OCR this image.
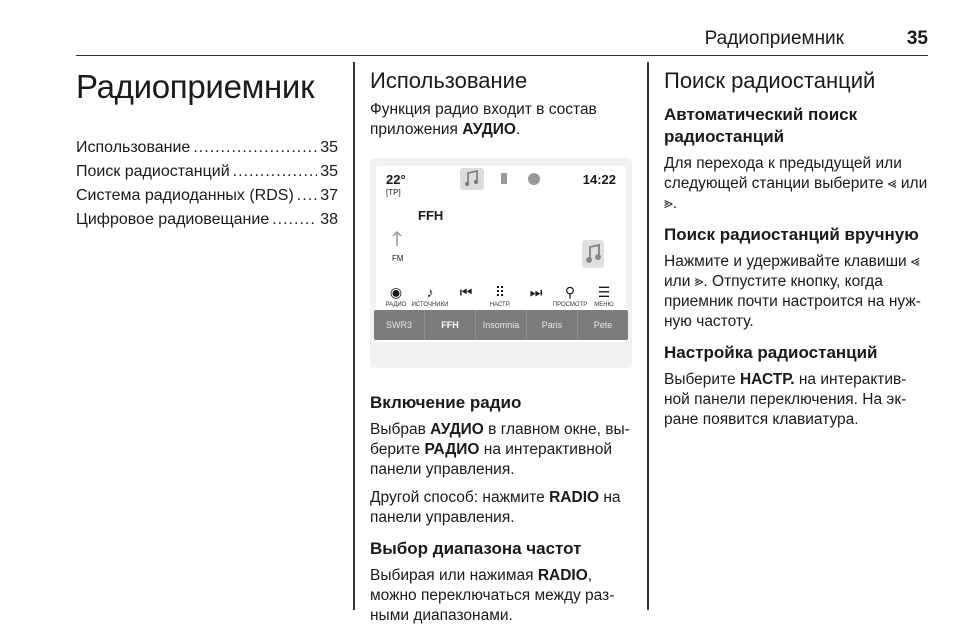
Радиоприемник	35
Радиоприемник
Использование .....	35
Поиск радиостанций .....	35
Система радиоданных (RDS) ..... 37
Цифровое радиовещание .....	38
Использование

Функция радио входит в состав приложения АУДИО.

22°
[TP]
14:22
FFH
FM
◉
РАДИО
♪
ИСТОЧНИКИ
⏮	⠿
НАСТР.
⏭	⚲
ПРОСМОТР
☰
МЕНЮ
SWR3	FFH	Insomnia	Paris	Pete
Включение радио

Выбрав АУДИО в главном окне, вы-берите РАДИО на интерактивной панели управления.

Другой способ: нажмите RADIO на панели управления.

Выбор диапазона частот

Выбирая или нажимая RADIO, можно переключаться между раз-ными диапазонами.

Поиск радиостанций
Автоматический поиск радиостанций

Для перехода к предыдущей или следующей станции выберите ⪡ или ⪢.

Поиск радиостанций вручную

Нажмите и удерживайте клавиши ⪡ или ⪢. Отпустите кнопку, когда приемник почти настроится на нуж-ную частоту.

Настройка радиостанций

Выберите НАСТР. на интерактив-ной панели переключения. На эк-ране появится клавиатура.
